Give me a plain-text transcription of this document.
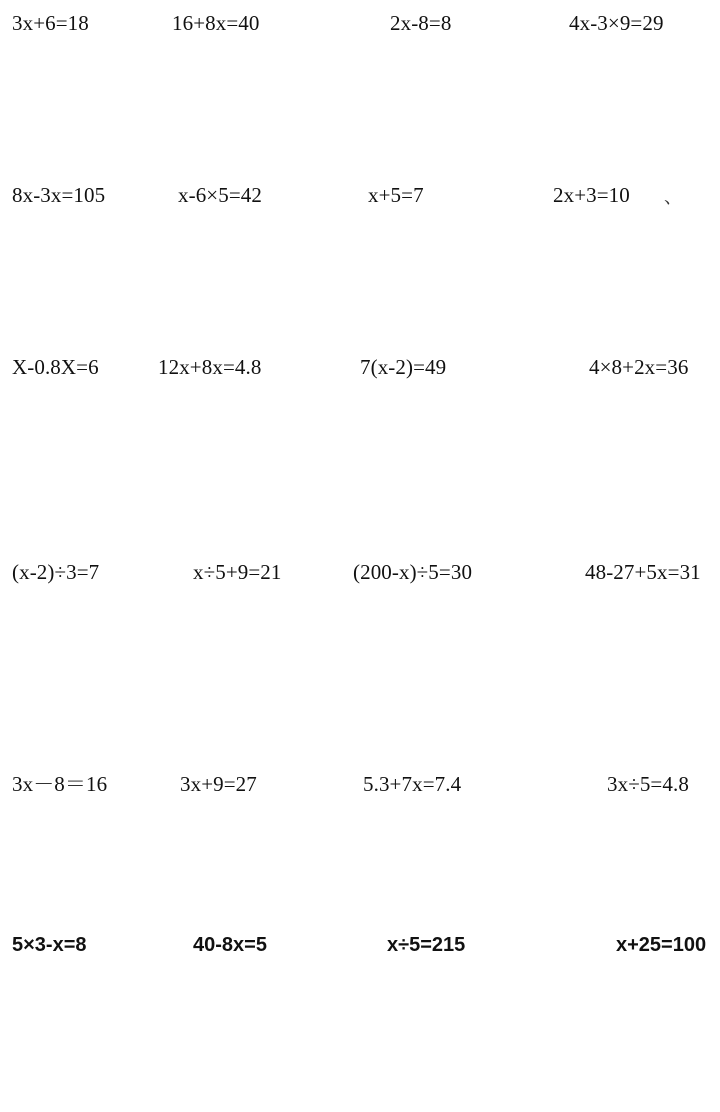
3x+6=18	16+8x=40	2x-8=8	4x-3×9=29
8x-3x=105	x-6×5=42	x+5=7	2x+3=10 、
X-0.8X=6	12x+8x=4.8	7(x-2)=49	4×8+2x=36
(x-2)÷3=7	x÷5+9=21	(200-x)÷5=30	48-27+5x=31
3x－8＝16	3x+9=27	5.3+7x=7.4	3x÷5=4.8
5×3-x=8	40-8x=5	x÷5=215	x+25=100
